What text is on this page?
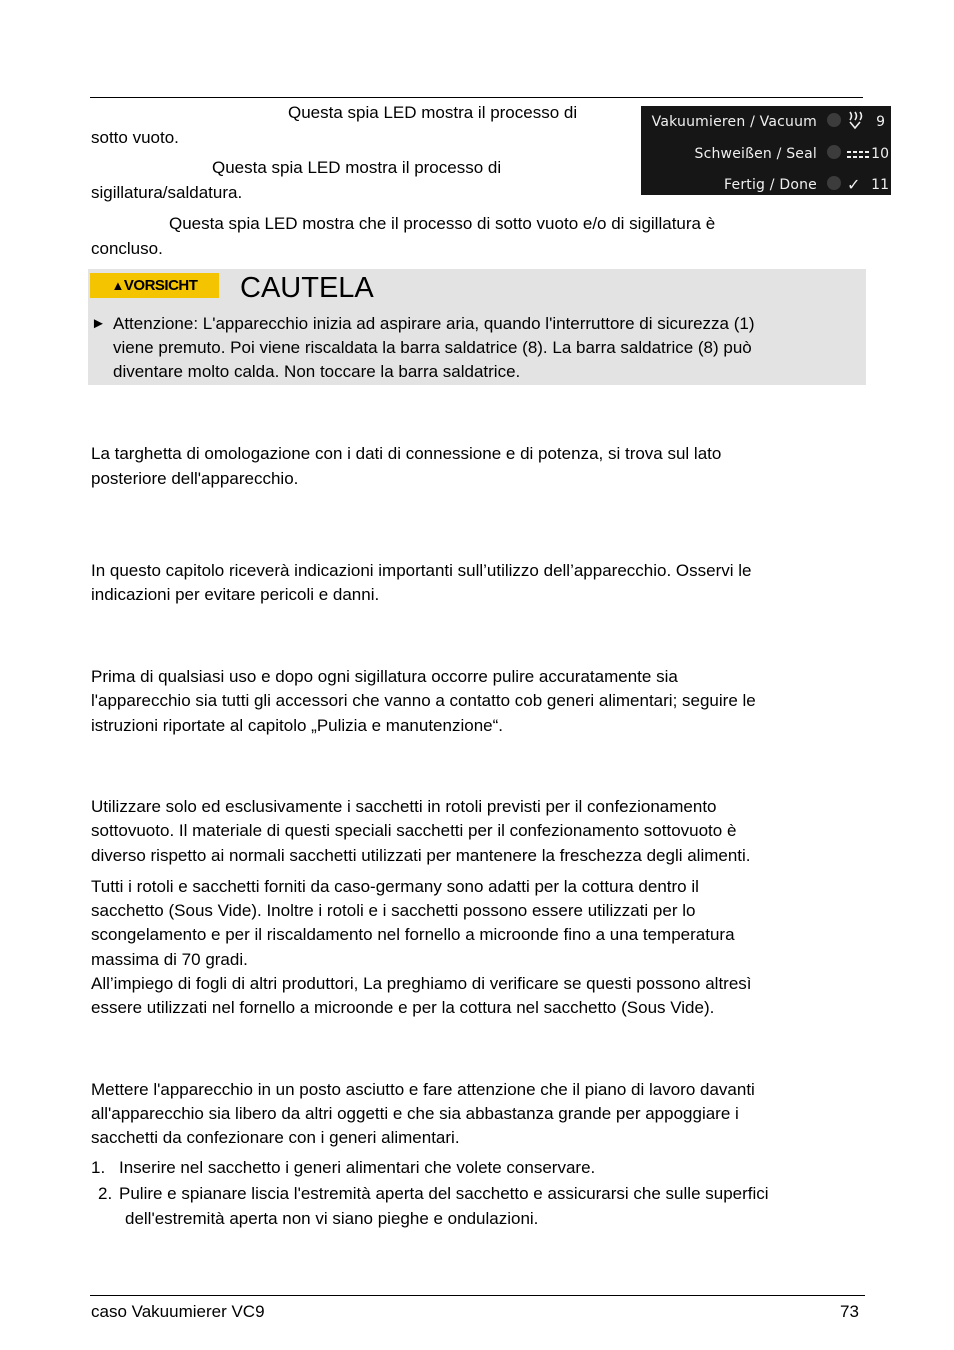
Questa spia LED mostra il processo di
sotto vuoto.
Questa spia LED mostra il processo di
sigillatura/saldatura.
Questa spia LED mostra che il processo di sotto vuoto e/o di sigillatura è
concluso.
Vakuumieren / Vacuum	9
Schweißen / Seal	10
Fertig / Done ✓ 11
▲VORSICHT	CAUTELA
► Attenzione: L'apparecchio inizia ad aspirare aria, quando l'interruttore di sicurezza (1)
viene premuto. Poi viene riscaldata la barra saldatrice (8). La barra saldatrice (8) può
diventare molto calda. Non toccare la barra saldatrice.
La targhetta di omologazione con i dati di connessione e di potenza, si trova sul lato
posteriore dell'apparecchio.
In questo capitolo riceverà indicazioni importanti sull’utilizzo dell’apparecchio. Osservi le
indicazioni per evitare pericoli e danni.
Prima di qualsiasi uso e dopo ogni sigillatura occorre pulire accuratamente sia
l'apparecchio sia tutti gli accessori che vanno a contatto cob generi alimentari; seguire le
istruzioni riportate al capitolo „Pulizia e manutenzione“.
Utilizzare solo ed esclusivamente i sacchetti in rotoli previsti per il confezionamento
sottovuoto. Il materiale di questi speciali sacchetti per il confezionamento sottovuoto è
diverso rispetto ai normali sacchetti utilizzati per mantenere la freschezza degli alimenti.
Tutti i rotoli e sacchetti forniti da caso-germany sono adatti per la cottura dentro il
sacchetto (Sous Vide). Inoltre i rotoli e i sacchetti possono essere utilizzati per lo
scongelamento e per il riscaldamento nel fornello a microonde fino a una temperatura
massima di 70 gradi.
All’impiego di fogli di altri produttori, La preghiamo di verificare se questi possono altresì
essere utilizzati nel fornello a microonde e per la cottura nel sacchetto (Sous Vide).
Mettere l'apparecchio in un posto asciutto e fare attenzione che il piano di lavoro davanti
all'apparecchio sia libero da altri oggetti e che sia abbastanza grande per appoggiare i
sacchetti da confezionare con i generi alimentari.
1. Inserire nel sacchetto i generi alimentari che volete conservare.
2. Pulire e spianare liscia l'estremità aperta del sacchetto e assicurarsi che sulle superfici
dell'estremità aperta non vi siano pieghe e ondulazioni.
caso Vakuumierer VC9	73
